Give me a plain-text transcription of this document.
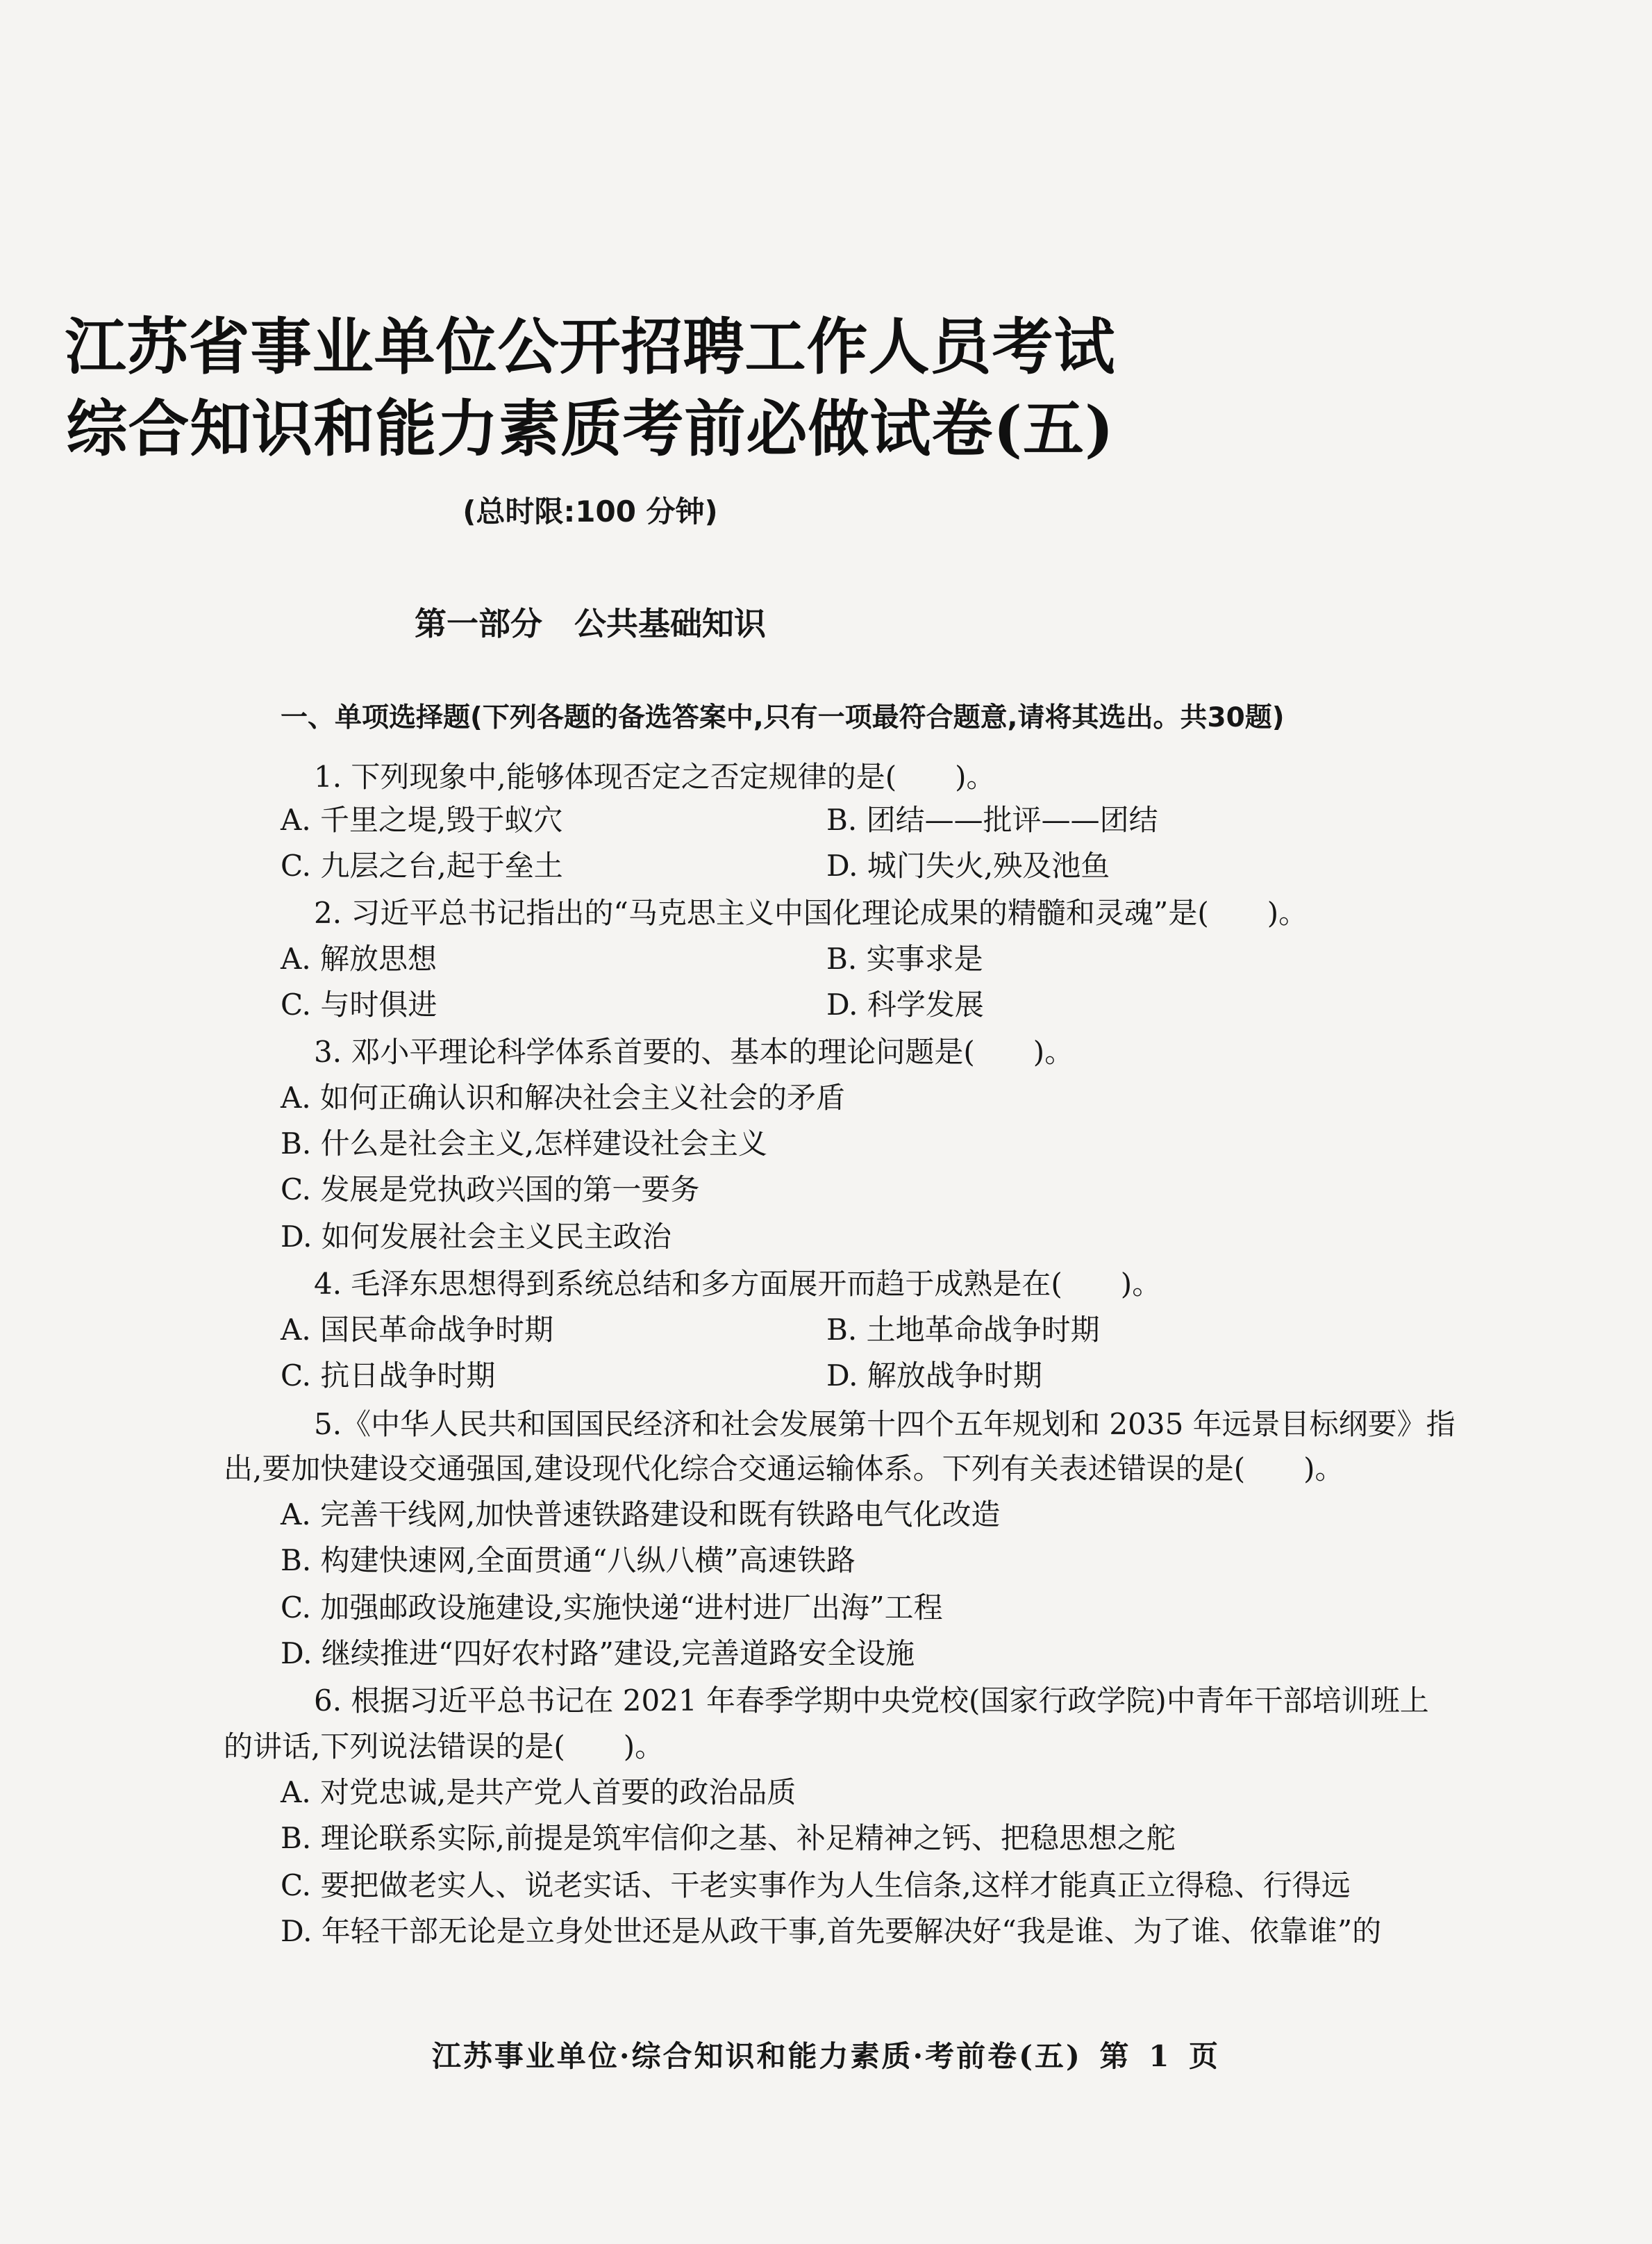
江苏省事业单位公开招聘工作人员考试
综合知识和能力素质考前必做试卷(五)
(总时限:100 分钟)
第一部分　公共基础知识
一、单项选择题(下列各题的备选答案中,只有一项最符合题意,请将其选出。共30题)
1. 下列现象中,能够体现否定之否定规律的是(　　)。
A. 千里之堤,毁于蚁穴	B. 团结——批评——团结
C. 九层之台,起于垒土	D. 城门失火,殃及池鱼
2. 习近平总书记指出的“马克思主义中国化理论成果的精髓和灵魂”是(　　)。
A. 解放思想	B. 实事求是
C. 与时俱进	D. 科学发展
3. 邓小平理论科学体系首要的、基本的理论问题是(　　)。
A. 如何正确认识和解决社会主义社会的矛盾
B. 什么是社会主义,怎样建设社会主义
C. 发展是党执政兴国的第一要务
D. 如何发展社会主义民主政治
4. 毛泽东思想得到系统总结和多方面展开而趋于成熟是在(　　)。
A. 国民革命战争时期	B. 土地革命战争时期
C. 抗日战争时期	D. 解放战争时期
5.《中华人民共和国国民经济和社会发展第十四个五年规划和 2035 年远景目标纲要》指
出,要加快建设交通强国,建设现代化综合交通运输体系。下列有关表述错误的是(　　)。
A. 完善干线网,加快普速铁路建设和既有铁路电气化改造
B. 构建快速网,全面贯通“八纵八横”高速铁路
C. 加强邮政设施建设,实施快递“进村进厂出海”工程
D. 继续推进“四好农村路”建设,完善道路安全设施
6. 根据习近平总书记在 2021 年春季学期中央党校(国家行政学院)中青年干部培训班上
的讲话,下列说法错误的是(　　)。
A. 对党忠诚,是共产党人首要的政治品质
B. 理论联系实际,前提是筑牢信仰之基、补足精神之钙、把稳思想之舵
C. 要把做老实人、说老实话、干老实事作为人生信条,这样才能真正立得稳、行得远
D. 年轻干部无论是立身处世还是从政干事,首先要解决好“我是谁、为了谁、依靠谁”的
江苏事业单位·综合知识和能力素质·考前卷(五) 第 1 页
